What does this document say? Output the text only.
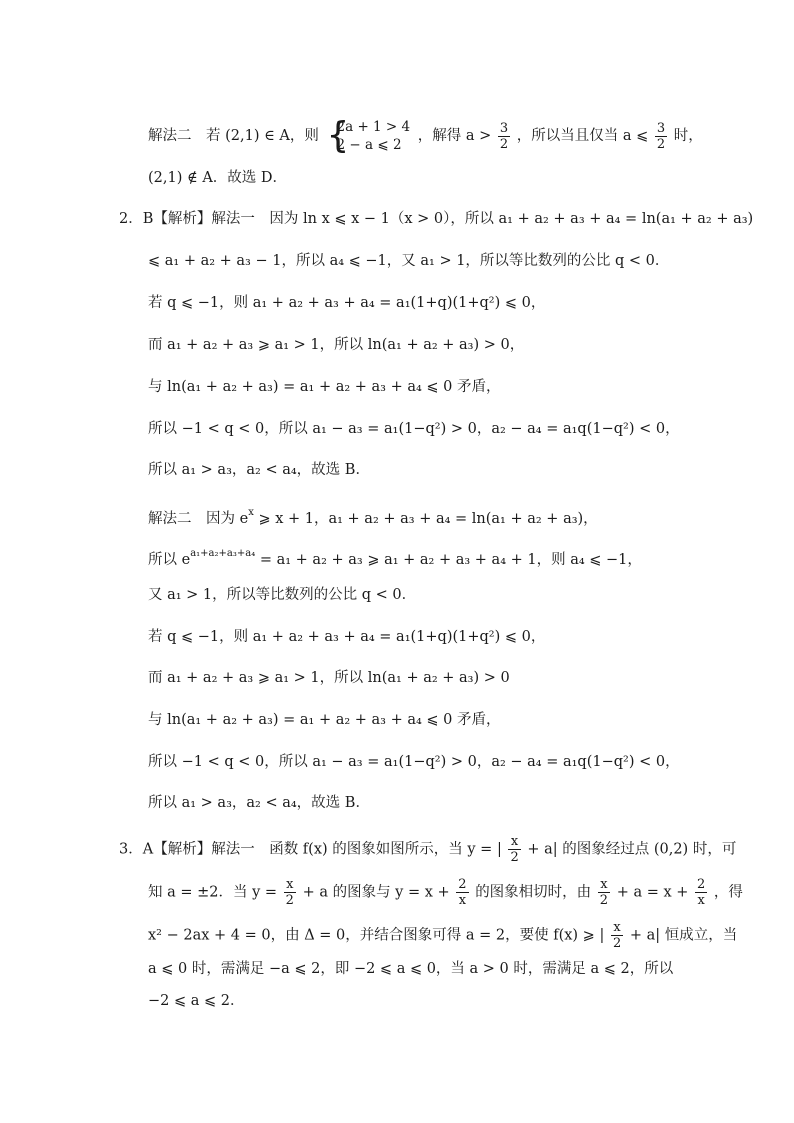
解法二　若 (2,1) ∈ A，则 {
2a + 1 > 4
2 − a ⩽ 2
，解得 $a > \frac{3}{2}$ ，所以当且仅当 a ⩽ $\frac{3}{2}$ 时，
(2,1) ∉ A．故选 D．
2．B【解析】解法一　因为 ln x ⩽ x − 1（x > 0），所以 a₁ + a₂ + a₃ + a₄ = ln(a₁ + a₂ + a₃)
⩽ a₁ + a₂ + a₃ − 1，所以 a₄ ⩽ −1，又 a₁ > 1，所以等比数列的公比 q < 0．
若 q ⩽ −1，则 a₁ + a₂ + a₃ + a₄ = a₁(1+q)(1+q²) ⩽ 0，
而 a₁ + a₂ + a₃ ⩾ a₁ > 1，所以 ln(a₁ + a₂ + a₃) > 0，
与 ln(a₁ + a₂ + a₃) = a₁ + a₂ + a₃ + a₄ ⩽ 0 矛盾，
所以 −1 < q < 0，所以 a₁ − a₃ = a₁(1−q²) > 0，a₂ − a₄ = a₁q(1−q²) < 0，
所以 a₁ > a₃，a₂ < a₄，故选 B．
解法二　因为 $e^x$ ⩾ x + 1，a₁ + a₂ + a₃ + a₄ = ln(a₁ + a₂ + a₃)，
所以 $e^{a_1+a_2+a_3+a_4} = a_1 + a_2 + a_3$ ⩾ a₁ + a₂ + a₃ + a₄ + 1，则 a₄ ⩽ −1，
又 a₁ > 1，所以等比数列的公比 q < 0．
若 q ⩽ −1，则 a₁ + a₂ + a₃ + a₄ = a₁(1+q)(1+q²) ⩽ 0，
而 a₁ + a₂ + a₃ ⩾ a₁ > 1，所以 ln(a₁ + a₂ + a₃) > 0
与 ln(a₁ + a₂ + a₃) = a₁ + a₂ + a₃ + a₄ ⩽ 0 矛盾，
所以 −1 < q < 0，所以 a₁ − a₃ = a₁(1−q²) > 0，a₂ − a₄ = a₁q(1−q²) < 0，
所以 a₁ > a₃，a₂ < a₄，故选 B．
3．A【解析】解法一　函数 f(x) 的图象如图所示，当 y = | $\frac{x}{2} + a|$ 的图象经过点 (0,2) 时，可
知 a = ±2．当 $y = \frac{x}{2} + a$ 的图象与 $y = x + \frac{2}{x}$ 的图象相切时，由 $\frac{x}{2} + a = x + \frac{2}{x}$ ，得
x² − 2ax + 4 = 0，由 Δ = 0，并结合图象可得 a = 2，要使 f(x) ⩾ | $\frac{x}{2} + a|$ 恒成立，当
a ⩽ 0 时，需满足 −a ⩽ 2，即 −2 ⩽ a ⩽ 0，当 a > 0 时，需满足 a ⩽ 2，所以
−2 ⩽ a ⩽ 2．
